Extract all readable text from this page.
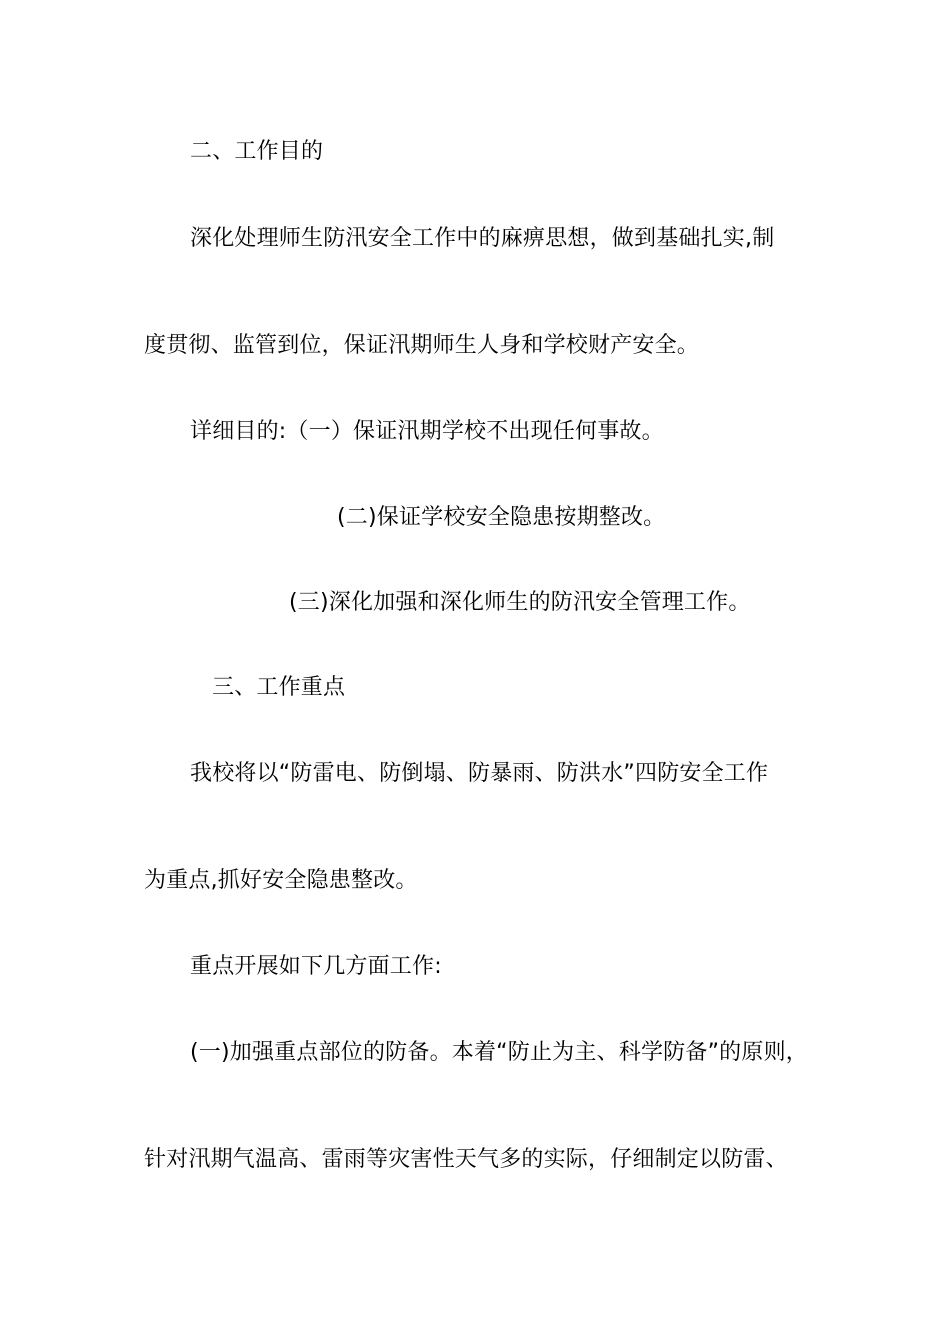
二、工作目的
深化处理师生防汛安全工作中的麻痹思想，做到基础扎实,制
度贯彻、监管到位，保证汛期师生人身和学校财产安全。
详细目的:（一）保证汛期学校不出现任何事故。
(二)保证学校安全隐患按期整改。
(三)深化加强和深化师生的防汛安全管理工作。
三、工作重点
我校将以“防雷电、防倒塌、防暴雨、防洪水”四防安全工作
为重点,抓好安全隐患整改。
重点开展如下几方面工作:
(一)加强重点部位的防备。本着“防止为主、科学防备”的原则，
针对汛期气温高、雷雨等灾害性天气多的实际，仔细制定以防雷、
